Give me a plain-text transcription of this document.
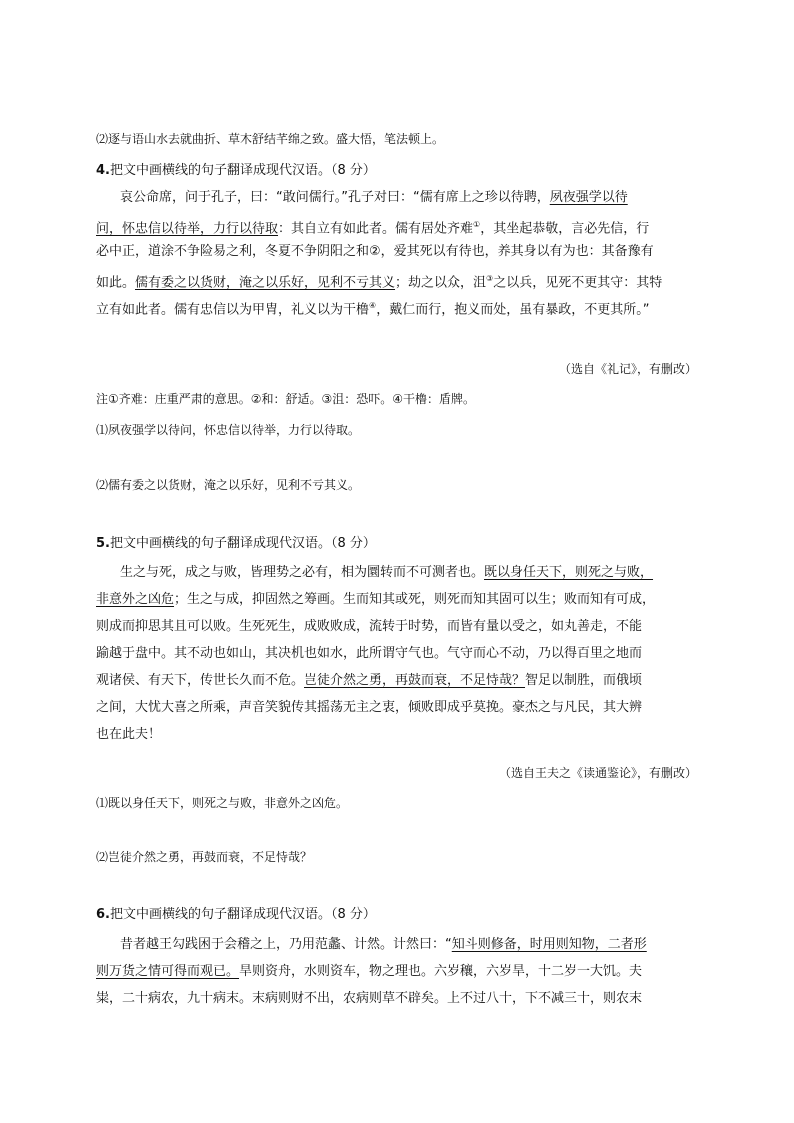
⑵逐与语山水去就曲折、草木舒结芊绵之致。盛大悟，笔法顿上。
4.把文中画横线的句子翻译成现代汉语。（8 分）
哀公命席，问于孔子，曰：“敢问儒行。”孔子对曰：“儒有席上之珍以待聘，夙夜强学以待
问，怀忠信以待举，力行以待取：其自立有如此者。儒有居处齐难①，其坐起恭敬，言必先信，行
必中正，道涂不争险易之利，冬夏不争阴阳之和②，爱其死以有待也，养其身以有为也：其备豫有
如此。儒有委之以货财，淹之以乐好，见利不亏其义；劫之以众，沮③之以兵，见死不更其守：其特
立有如此者。儒有忠信以为甲胄，礼义以为干橹④，戴仁而行，抱义而处，虽有暴政，不更其所。”
（选自《礼记》，有删改）
注①齐难：庄重严肃的意思。②和：舒适。③沮：恐吓。④干橹：盾牌。
⑴夙夜强学以待问，怀忠信以待举，力行以待取。
⑵儒有委之以货财，淹之以乐好，见利不亏其义。
5.把文中画横线的句子翻译成现代汉语。（8 分）
生之与死，成之与败，皆理势之必有，相为圜转而不可测者也。既以身任天下，则死之与败，
非意外之凶危；生之与成，抑固然之筹画。生而知其或死，则死而知其固可以生；败而知有可成，
则成而抑思其且可以败。生死死生，成败败成，流转于时势，而皆有量以受之，如丸善走，不能
踰越于盘中。其不动也如山，其决机也如水，此所谓守气也。气守而心不动，乃以得百里之地而
观诸侯、有天下，传世长久而不危。岂徒介然之勇，再鼓而衰，不足恃哉？智足以制胜，而俄顷
之间，大忧大喜之所乘，声音笑貌传其摇荡无主之衷，倾败即成乎莫挽。豪杰之与凡民，其大辨
也在此夫！
（选自王夫之《读通鉴论》，有删改）
⑴既以身任天下，则死之与败，非意外之凶危。
⑵岂徒介然之勇，再鼓而衰，不足恃哉？
6.把文中画横线的句子翻译成现代汉语。（8 分）
昔者越王勾践困于会稽之上，乃用范蠡、计然。计然曰：“知斗则修备，时用则知物，二者形
则万货之情可得而观已。旱则资舟，水则资车，物之理也。六岁穰，六岁旱，十二岁一大饥。夫
粜，二十病农，九十病末。末病则财不出，农病则草不辟矣。上不过八十，下不减三十，则农末
